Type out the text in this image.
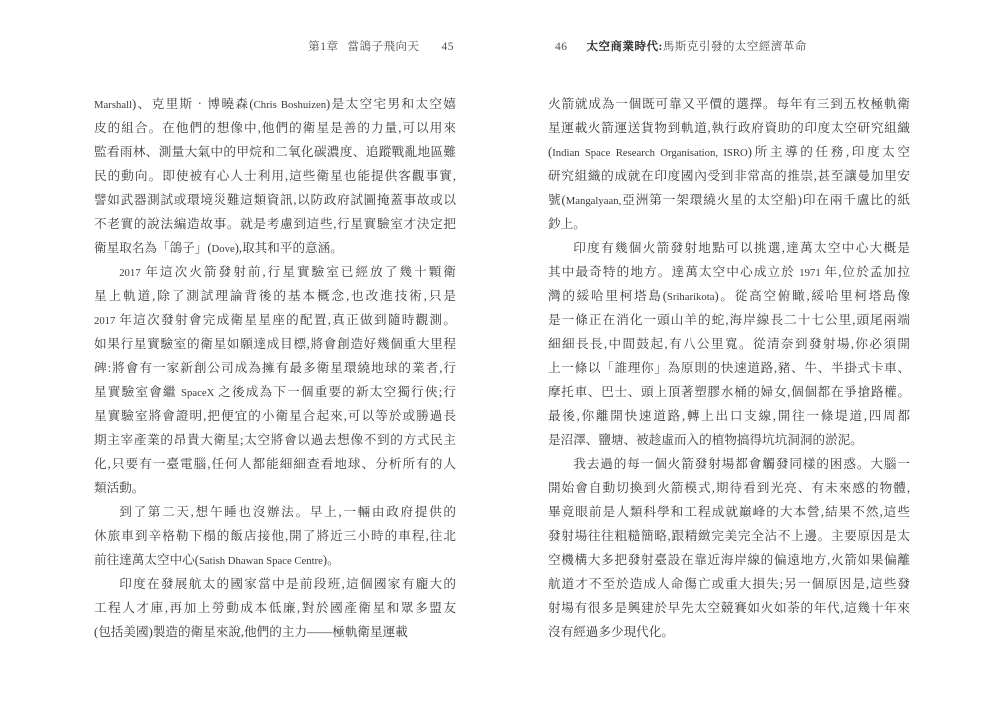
第1章 當鴿子飛向天 45	46 太空商業時代:馬斯克引發的太空經濟革命
Marshall)、克里斯‧博曉森(Chris Boshuizen)是太空宅男和太空嬉
皮的組合。在他們的想像中,他們的衛星是善的力量,可以用來
監看雨林、測量大氣中的甲烷和二氧化碳濃度、追蹤戰亂地區難
民的動向。即使被有心人士利用,這些衛星也能提供客觀事實,
譬如武器測試或環境災難這類資訊,以防政府試圖掩蓋事故或以
不老實的說法編造故事。就是考慮到這些,行星實驗室才決定把
衛星取名為「鴿子」(Dove),取其和平的意涵。
2017 年這次火箭發射前,行星實驗室已經放了幾十顆衛
星上軌道,除了測試理論背後的基本概念,也改進技術,只是
2017 年這次發射會完成衛星星座的配置,真正做到隨時觀測。
如果行星實驗室的衛星如願達成目標,將會創造好幾個重大里程
碑:將會有一家新創公司成為擁有最多衛星環繞地球的業者,行
星實驗室會繼 SpaceX 之後成為下一個重要的新太空獨行俠;行
星實驗室將會證明,把便宜的小衛星合起來,可以等於或勝過長
期主宰產業的昂貴大衛星;太空將會以過去想像不到的方式民主
化,只要有一臺電腦,任何人都能細細查看地球、分析所有的人
類活動。
到了第二天,想午睡也沒辦法。早上,一輛由政府提供的
休旅車到辛格勒下榻的飯店接他,開了將近三小時的車程,往北
前往達萬太空中心(Satish Dhawan Space Centre)。
印度在發展航太的國家當中是前段班,這個國家有龐大的
工程人才庫,再加上勞動成本低廉,對於國產衛星和眾多盟友
(包括美國)製造的衛星來說,他們的主力——極軌衛星運載
火箭就成為一個既可靠又平價的選擇。每年有三到五枚極軌衛
星運載火箭運送貨物到軌道,執行政府資助的印度太空研究組織
(Indian Space Research Organisation, ISRO)所主導的任務,印度太空
研究組織的成就在印度國內受到非常高的推崇,甚至讓曼加里安
號(Mangalyaan,亞洲第一架環繞火星的太空船)印在兩千盧比的紙
鈔上。
印度有幾個火箭發射地點可以挑選,達萬太空中心大概是
其中最奇特的地方。達萬太空中心成立於 1971 年,位於孟加拉
灣的綏哈里柯塔島(Sriharikota)。從高空俯瞰,綏哈里柯塔島像
是一條正在消化一頭山羊的蛇,海岸線長二十七公里,頭尾兩端
細細長長,中間鼓起,有八公里寬。從清奈到發射場,你必須開
上一條以「誰理你」為原則的快速道路,豬、牛、半掛式卡車、
摩托車、巴士、頭上頂著塑膠水桶的婦女,個個都在爭搶路權。
最後,你離開快速道路,轉上出口支線,開往一條堤道,四周都
是沼澤、鹽塘、被趁虛而入的植物搞得坑坑洞洞的淤泥。
我去過的每一個火箭發射場都會觸發同樣的困惑。大腦一
開始會自動切換到火箭模式,期待看到光亮、有未來感的物體,
畢竟眼前是人類科學和工程成就巔峰的大本營,結果不然,這些
發射場往往粗糙簡略,跟精緻完美完全沾不上邊。主要原因是太
空機構大多把發射臺設在靠近海岸線的偏遠地方,火箭如果偏離
航道才不至於造成人命傷亡或重大損失;另一個原因是,這些發
射場有很多是興建於早先太空競賽如火如荼的年代,這幾十年來
沒有經過多少現代化。
